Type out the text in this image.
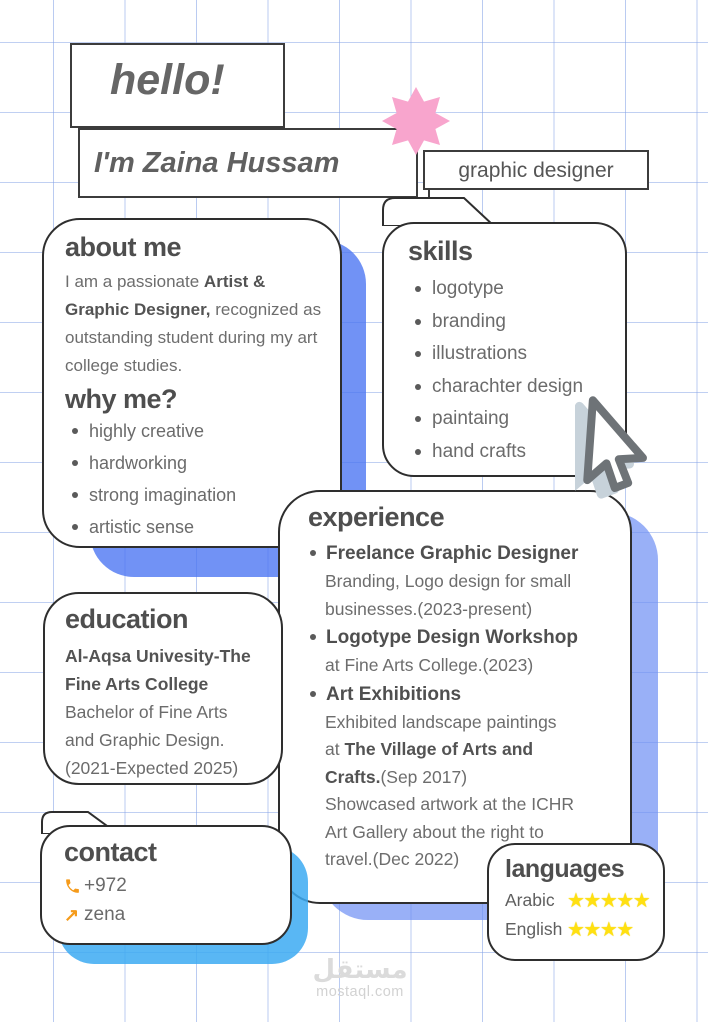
about me
I am a passionate Artist & Graphic Designer, recognized as outstanding student during my art college studies.
why me?
highly creative
hardworking
strong imagination
artistic sense
hello!
I'm Zaina Hussam	graphic designer
skills
logotype
branding
illustrations
charachter design
paintaing
hand crafts
experience
Freelance Graphic Designer
Branding, Logo design for small
businesses.(2023-present)
Logotype Design Workshop
at Fine Arts College.(2023)
Art Exhibitions
Exhibited landscape paintings
at The Village of Arts and
Crafts.(Sep 2017)
Showcased artwork at the ICHR
Art Gallery about the right to
travel.(Dec 2022)
education
Al-Aqsa Univesity-The
Fine Arts College
Bachelor of Fine Arts
and Graphic Design.
(2021-Expected 2025)
contact
+972
↗ zena
languages
Arabic ★★★★★
English ★★★★
مستقل
mostaql.com
